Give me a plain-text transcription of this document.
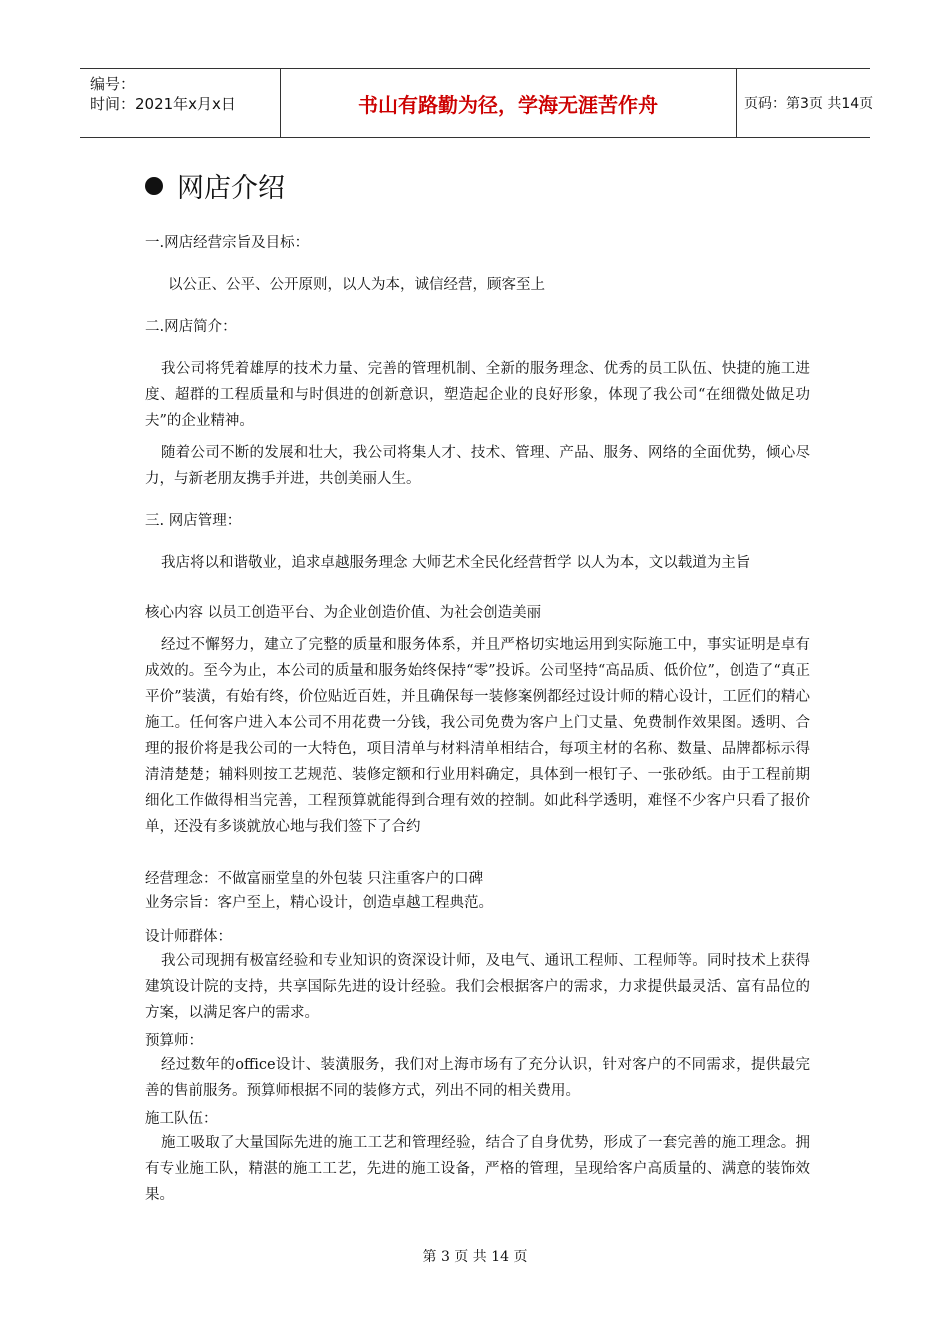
编号：
时间：2021年x月x日	书山有路勤为径，学海无涯苦作舟	页码：第3页 共14页
网店介绍
一.网店经营宗旨及目标：
以公正、公平、公开原则，以人为本，诚信经营，顾客至上
二.网店简介：
我公司将凭着雄厚的技术力量、完善的管理机制、全新的服务理念、优秀的员工队伍、快捷的施工进度、超群的工程质量和与时俱进的创新意识，塑造起企业的良好形象，体现了我公司“在细微处做足功夫”的企业精神。
随着公司不断的发展和壮大，我公司将集人才、技术、管理、产品、服务、网络的全面优势，倾心尽力，与新老朋友携手并进，共创美丽人生。
三. 网店管理：
我店将以和谐敬业，追求卓越服务理念 大师艺术全民化经营哲学 以人为本，文以载道为主旨
核心内容 以员工创造平台、为企业创造价值、为社会创造美丽
经过不懈努力，建立了完整的质量和服务体系，并且严格切实地运用到实际施工中，事实证明是卓有成效的。至今为止，本公司的质量和服务始终保持“零”投诉。公司坚持“高品质、低价位”，创造了“真正平价”装潢，有始有终，价位贴近百姓，并且确保每一装修案例都经过设计师的精心设计，工匠们的精心施工。任何客户进入本公司不用花费一分钱，我公司免费为客户上门丈量、免费制作效果图。透明、合理的报价将是我公司的一大特色，项目清单与材料清单相结合，每项主材的名称、数量、品牌都标示得清清楚楚；辅料则按工艺规范、装修定额和行业用料确定，具体到一根钉子、一张砂纸。由于工程前期细化工作做得相当完善，工程预算就能得到合理有效的控制。如此科学透明，难怪不少客户只看了报价单，还没有多谈就放心地与我们签下了合约
经营理念：不做富丽堂皇的外包装 只注重客户的口碑
业务宗旨：客户至上，精心设计，创造卓越工程典范。
设计师群体：
我公司现拥有极富经验和专业知识的资深设计师，及电气、通讯工程师、工程师等。同时技术上获得建筑设计院的支持，共享国际先进的设计经验。我们会根据客户的需求，力求提供最灵活、富有品位的方案，以满足客户的需求。
预算师：
经过数年的office设计、装潢服务，我们对上海市场有了充分认识，针对客户的不同需求，提供最完善的售前服务。预算师根据不同的装修方式，列出不同的相关费用。
施工队伍：
施工吸取了大量国际先进的施工工艺和管理经验，结合了自身优势，形成了一套完善的施工理念。拥有专业施工队，精湛的施工工艺，先进的施工设备，严格的管理，呈现给客户高质量的、满意的装饰效果。
第 3 页 共 14 页
